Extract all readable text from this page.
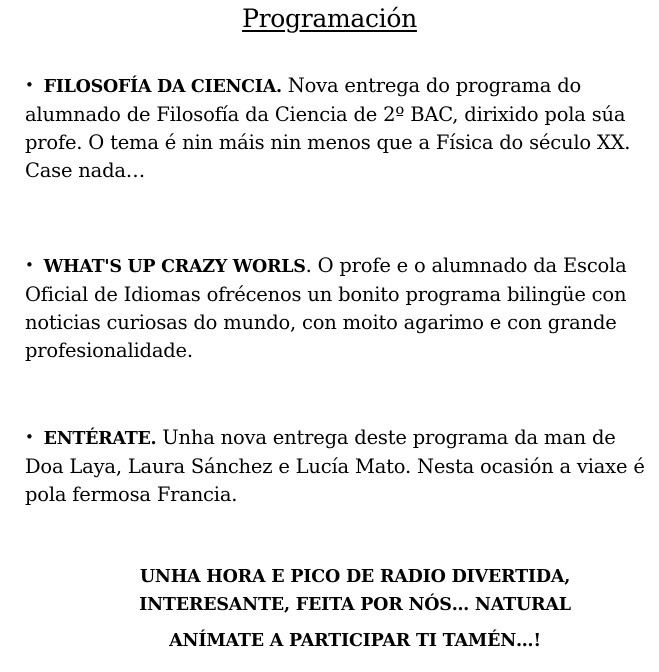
Programación
• FILOSOFÍA DA CIENCIA. Nova entrega do programa do alumnado de Filosofía da Ciencia de 2º BAC, dirixido pola súa profe. O tema é nin máis nin menos que a Física do século XX. Case nada…
• WHAT'S UP CRAZY WORLS. O profe e o alumnado da Escola Oficial de Idiomas ofrécenos un bonito programa bilingüe con noticias curiosas do mundo, con moito agarimo e con grande profesionalidade.
• ENTÉRATE. Unha nova entrega deste programa da man de Doa Laya, Laura Sánchez e Lucía Mato. Nesta ocasión a viaxe é pola fermosa Francia.
UNHA HORA E PICO DE RADIO DIVERTIDA,
INTERESANTE, FEITA POR NÓS… NATURAL
ANÍMATE A PARTICIPAR TI TAMÉN…!
